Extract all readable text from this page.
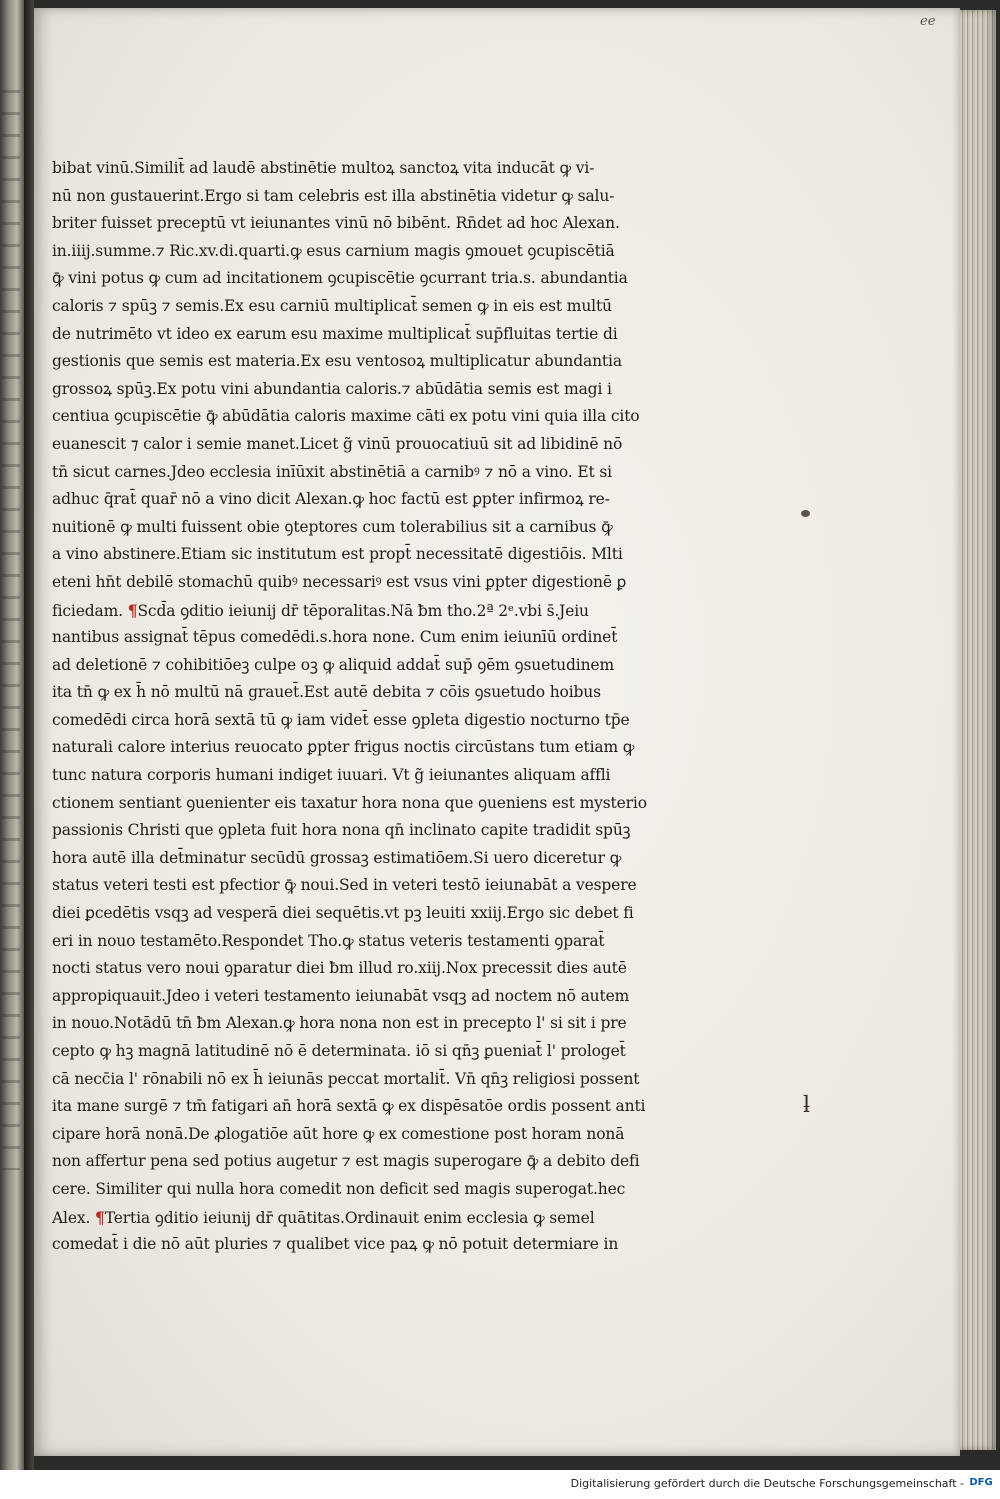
ee
bibat vinū.Similit̄ ad laudē abstinētie multoꝝ sanctoꝝ vita inducāt ꝙ vi-
nū non gustauerint.Ergo si tam celebris est illa abstinētia videtur ꝙ salu-
briter fuisset preceptū vt ieiunantes vinū nō bibēnt. Rn̄det ad hoc Alexan.
in.iiij.summe.⁊ Ric.xv.di.quarti.ꝙ esus carnium magis ꝯmouet ꝯcupiscētiā
ꝙ̄ vini potus ꝙ cum ad incitationem ꝯcupiscētie ꝯcurrant tria.s. abundantia
caloris ⁊ spūꝫ ⁊ semis.Ex esu carniū multiplicat̄ semen ꝙ in eis est multū
de nutrimēto vt ideo ex earum esu maxime multiplicat̄ sup̄fluitas tertie di
gestionis que semis est materia.Ex esu ventosoꝝ multiplicatur abundantia
grossoꝝ spūꝫ.Ex potu vini abundantia caloris.⁊ abūdātia semis est magi i
centiua ꝯcupiscētie ꝙ̄ abūdātia caloris maxime cāti ex potu vini quia illa cito
euanescit ⁊ calor i semie manet.Licet g̃ vinū prouocatiuū sit ad libidinē nō
tn̄ sicut carnes.Jdeo ecclesia inīūxit abstinētiā a carnibꝰ ⁊ nō a vino. Et si
adhuc q̄rat̄ quar̄ nō a vino dicit Alexan.ꝙ hoc factū est ꝑpter infirmoꝝ re-
nuitionē ꝙ multi fuissent obie ꝯteptores cum tolerabilius sit a carnibus ꝙ̄
a vino abstinere.Etiam sic institutum est propt̄ necessitatē digestiōis. Mlti
eteni hn̄t debilē stomachū quibꝰ necessariꝰ est vsus vini ꝑpter digestionē ꝑ
ficiedam. ¶Scd̄a ꝯditio ieiunij dr̄ tēporalitas.Nā ƀm tho.2ª 2ᵉ.vbi s̄.Jeiu
nantibus assignat̄ tēpus comedēdi.s.hora none. Cum enim ieiunīū ordinet̄
ad deletionē ⁊ cohibitiōeꝫ culpe oꝫ ꝙ aliquid addat̄ sup̄ ꝯēm ꝯsuetudinem
ita tn̄ ꝙ ex h̄ nō multū nā grauet̄.Est autē debita ⁊ cōis ꝯsuetudo hoibus
comedēdi circa horā sextā tū ꝙ iam videt̄ esse ꝯpleta digestio nocturno tp̄e
naturali calore interius reuocato ꝑpter frigus noctis circūstans tum etiam ꝙ
tunc natura corporis humani indiget iuuari. Vt g̃ ieiunantes aliquam affli
ctionem sentiant ꝯuenienter eis taxatur hora nona que ꝯueniens est mysterio
passionis Christi que ꝯpleta fuit hora nona qn̄ inclinato capite tradidit spūꝫ
hora autē illa det̄minatur secūdū grossaꝫ estimatiōem.Si uero diceretur ꝙ
status veteri testi est pfectior ꝙ̄ noui.Sed in veteri testō ieiunabāt a vespere
diei ꝑcedētis vsqꝫ ad vesperā diei sequētis.vt pꝫ leuiti xxiij.Ergo sic debet fi
eri in nouo testamēto.Respondet Tho.ꝙ status veteris testamenti ꝯparat̄
nocti status vero noui ꝯparatur diei ƀm illud ro.xiij.Nox precessit dies autē
appropiquauit.Jdeo i veteri testamento ieiunabāt vsqꝫ ad noctem nō autem
in nouo.Notādū tn̄ ƀm Alexan.ꝙ hora nona non est in precepto l' si sit i pre
cepto ꝙ hꝫ magnā latitudinē nō ē determinata. iō si qn̄ꝫ ꝑueniat̄ l' prologet̄
cā necc̄ia l' rōnabili nō ex h̄ ieiunās peccat mortalit̄. Vn̄ qn̄ꝫ religiosi possent
ita mane surgē ⁊ tm̄ fatigari an̄ horā sextā ꝙ ex dispēsatōe ordis possent anti
cipare horā nonā.De ꝓlogatiōe aūt hore ꝙ ex comestione post horam nonā
non affertur pena sed potius augetur ⁊ est magis superogare ꝙ̄ a debito defi
cere. Similiter qui nulla hora comedit non deficit sed magis superogat.hec
Alex. ¶Tertia ꝯditio ieiunij dr̄ quātitas.Ordinauit enim ecclesia ꝙ semel
comedat̄ i die nō aūt pluries ⁊ qualibet vice paꝝ ꝙ nō potuit determiare in
ƚ
Digitalisierung gefördert durch die Deutsche Forschungsgemeinschaft - DFG
